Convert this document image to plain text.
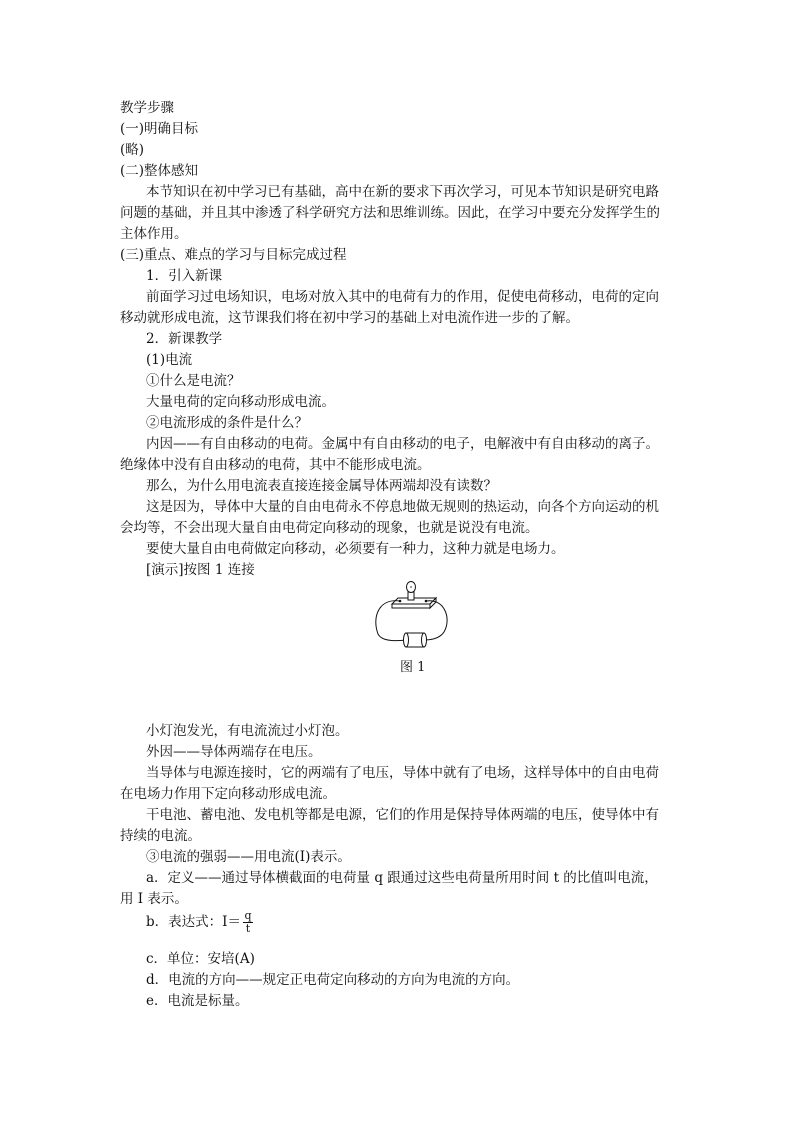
教学步骤
(一)明确目标
(略)
(二)整体感知
本节知识在初中学习已有基础，高中在新的要求下再次学习，可见本节知识是研究电路
问题的基础，并且其中渗透了科学研究方法和思维训练。因此，在学习中要充分发挥学生的
主体作用。
(三)重点、难点的学习与目标完成过程
1．引入新课
前面学习过电场知识，电场对放入其中的电荷有力的作用，促使电荷移动，电荷的定向
移动就形成电流，这节课我们将在初中学习的基础上对电流作进一步的了解。
2．新课教学
(1)电流
①什么是电流？
大量电荷的定向移动形成电流。
②电流形成的条件是什么？
内因——有自由移动的电荷。金属中有自由移动的电子，电解液中有自由移动的离子。
绝缘体中没有自由移动的电荷，其中不能形成电流。
那么，为什么用电流表直接连接金属导体两端却没有读数？
这是因为，导体中大量的自由电荷永不停息地做无规则的热运动，向各个方向运动的机
会均等，不会出现大量自由电荷定向移动的现象，也就是说没有电流。
要使大量自由电荷做定向移动，必须要有一种力，这种力就是电场力。
[演示]按图 1 连接
图 1
小灯泡发光，有电流流过小灯泡。
外因——导体两端存在电压。
当导体与电源连接时，它的两端有了电压，导体中就有了电场，这样导体中的自由电荷
在电场力作用下定向移动形成电流。
干电池、蓄电池、发电机等都是电源，它们的作用是保持导体两端的电压，使导体中有
持续的电流。
③电流的强弱——用电流(I)表示。
a．定义——通过导体横截面的电荷量 q 跟通过这些电荷量所用时间 t 的比值叫电流，
用 I 表示。
b．表达式：$I= \frac{q}{t}$
c．单位：安培(A)
d．电流的方向——规定正电荷定向移动的方向为电流的方向。
e．电流是标量。
